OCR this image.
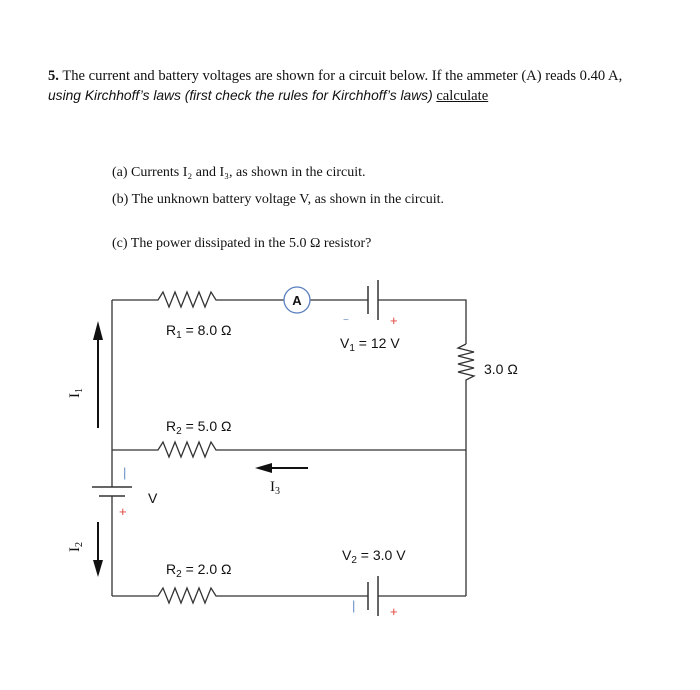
5. The current and battery voltages are shown for a circuit below. If the ammeter (A) reads 0.40 A,
using Kirchhoff’s laws (first check the rules for Kirchhoff’s laws) calculate
(a) Currents I₂ and I₃, as shown in the circuit.
(b) The unknown battery voltage V, as shown in the circuit.
(c) The power dissipated in the 5.0 Ω resistor?
−	+
|	+
|
+
V
A
$R_1 = 8.0$ Ω
$V_1 = 12$ V
3.0 Ω
$R_2 = 5.0$ Ω
$R_2 = 2.0$ Ω
$V_2 = 3.0$ V
$I_1$
$I_2$
$I_3$
